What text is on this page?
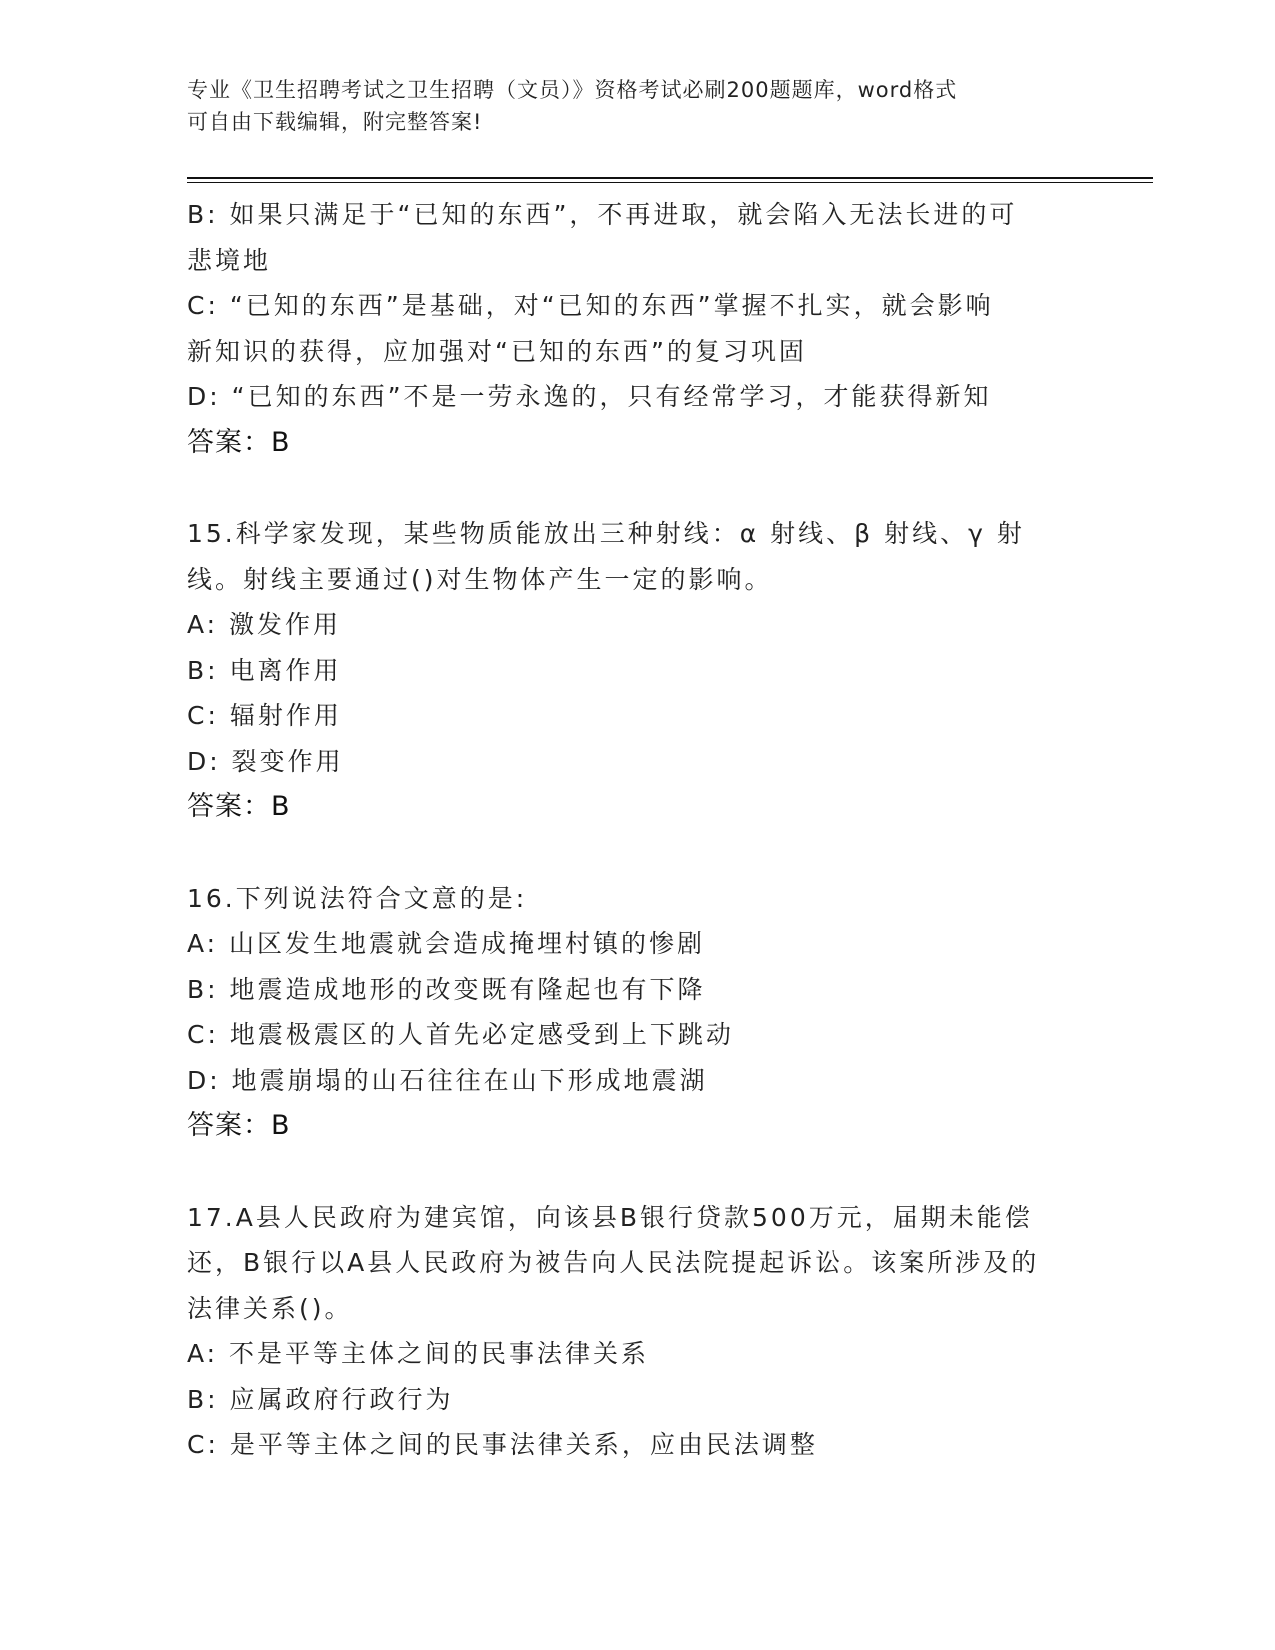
专业《卫生招聘考试之卫生招聘（文员）》资格考试必刷200题题库，word格式
可自由下载编辑，附完整答案!
B: 如果只满足于“已知的东西”，不再进取，就会陷入无法长进的可
悲境地
C: “已知的东西”是基础，对“已知的东西”掌握不扎实，就会影响
新知识的获得，应加强对“已知的东西”的复习巩固
D: “已知的东西”不是一劳永逸的，只有经常学习，才能获得新知
答案：B
15.科学家发现，某些物质能放出三种射线：α 射线、β 射线、γ 射
线。射线主要通过()对生物体产生一定的影响。
A: 激发作用
B: 电离作用
C: 辐射作用
D: 裂变作用
答案：B
16.下列说法符合文意的是:
A: 山区发生地震就会造成掩埋村镇的惨剧
B: 地震造成地形的改变既有隆起也有下降
C: 地震极震区的人首先必定感受到上下跳动
D: 地震崩塌的山石往往在山下形成地震湖
答案：B
17.A县人民政府为建宾馆，向该县B银行贷款500万元，届期未能偿
还，B银行以A县人民政府为被告向人民法院提起诉讼。该案所涉及的
法律关系()。
A: 不是平等主体之间的民事法律关系
B: 应属政府行政行为
C: 是平等主体之间的民事法律关系，应由民法调整
